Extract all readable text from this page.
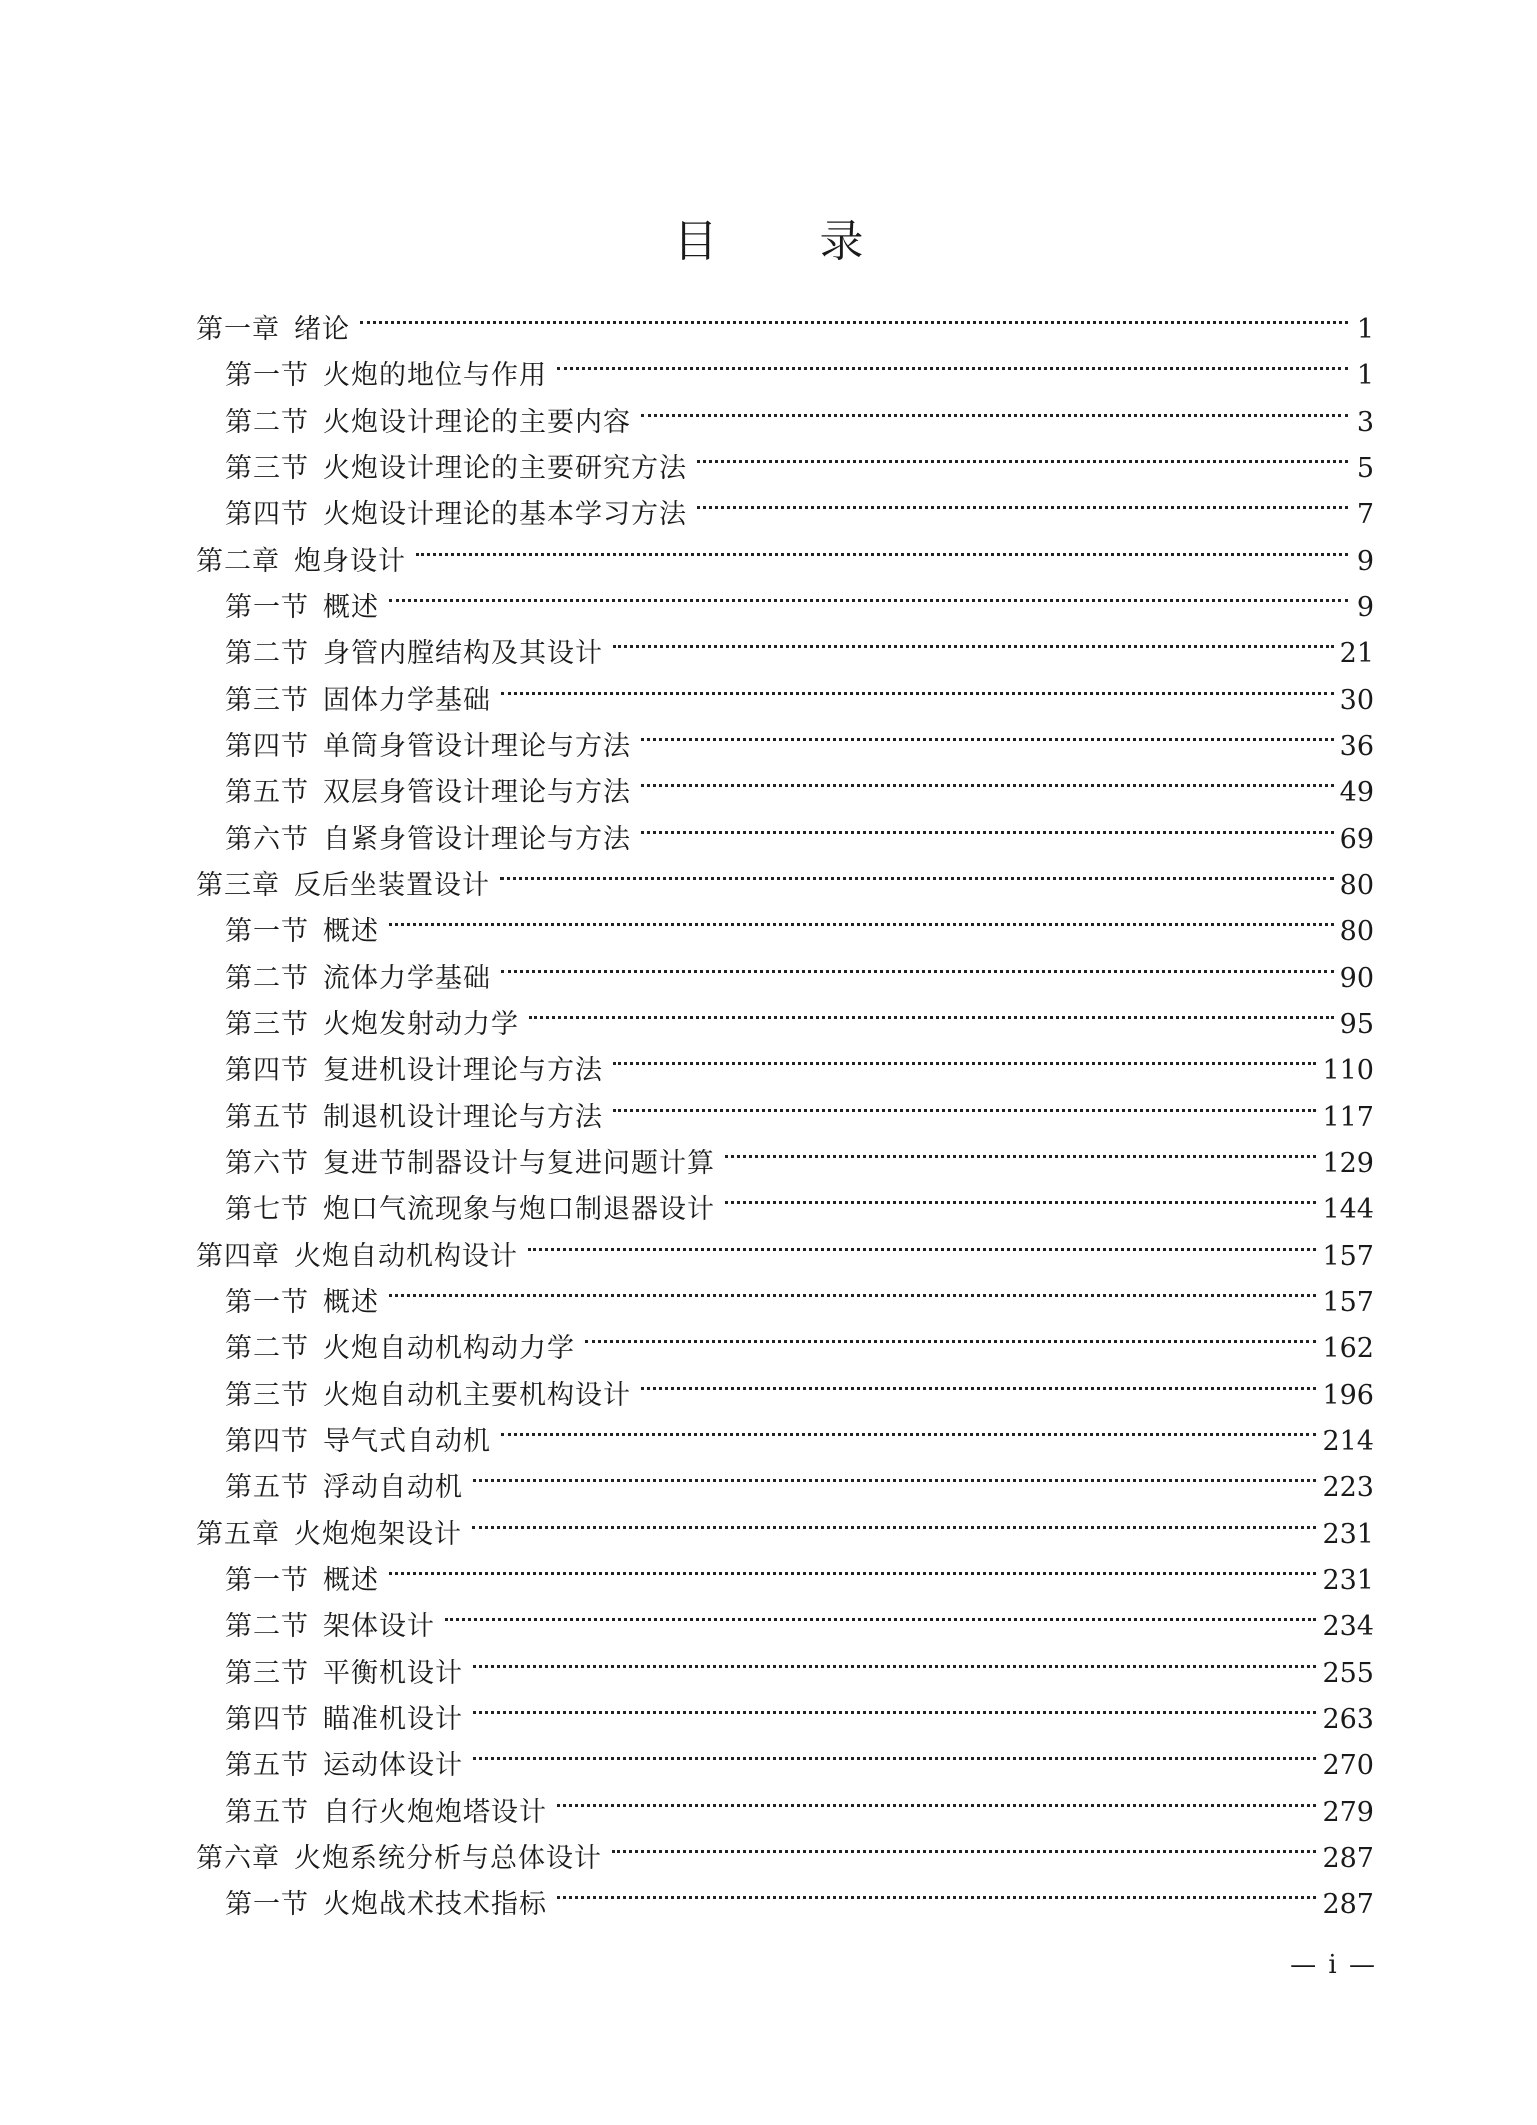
目 录
第一章 绪论	1
第一节 火炮的地位与作用	1
第二节 火炮设计理论的主要内容	3
第三节 火炮设计理论的主要研究方法	5
第四节 火炮设计理论的基本学习方法	7
第二章 炮身设计	9
第一节 概述	9
第二节 身管内膛结构及其设计	21
第三节 固体力学基础	30
第四节 单筒身管设计理论与方法	36
第五节 双层身管设计理论与方法	49
第六节 自紧身管设计理论与方法	69
第三章 反后坐装置设计	80
第一节 概述	80
第二节 流体力学基础	90
第三节 火炮发射动力学	95
第四节 复进机设计理论与方法	110
第五节 制退机设计理论与方法	117
第六节 复进节制器设计与复进问题计算	129
第七节 炮口气流现象与炮口制退器设计	144
第四章 火炮自动机构设计	157
第一节 概述	157
第二节 火炮自动机构动力学	162
第三节 火炮自动机主要机构设计	196
第四节 导气式自动机	214
第五节 浮动自动机	223
第五章 火炮炮架设计	231
第一节 概述	231
第二节 架体设计	234
第三节 平衡机设计	255
第四节 瞄准机设计	263
第五节 运动体设计	270
第五节 自行火炮炮塔设计	279
第六章 火炮系统分析与总体设计	287
第一节 火炮战术技术指标	287
— i —
